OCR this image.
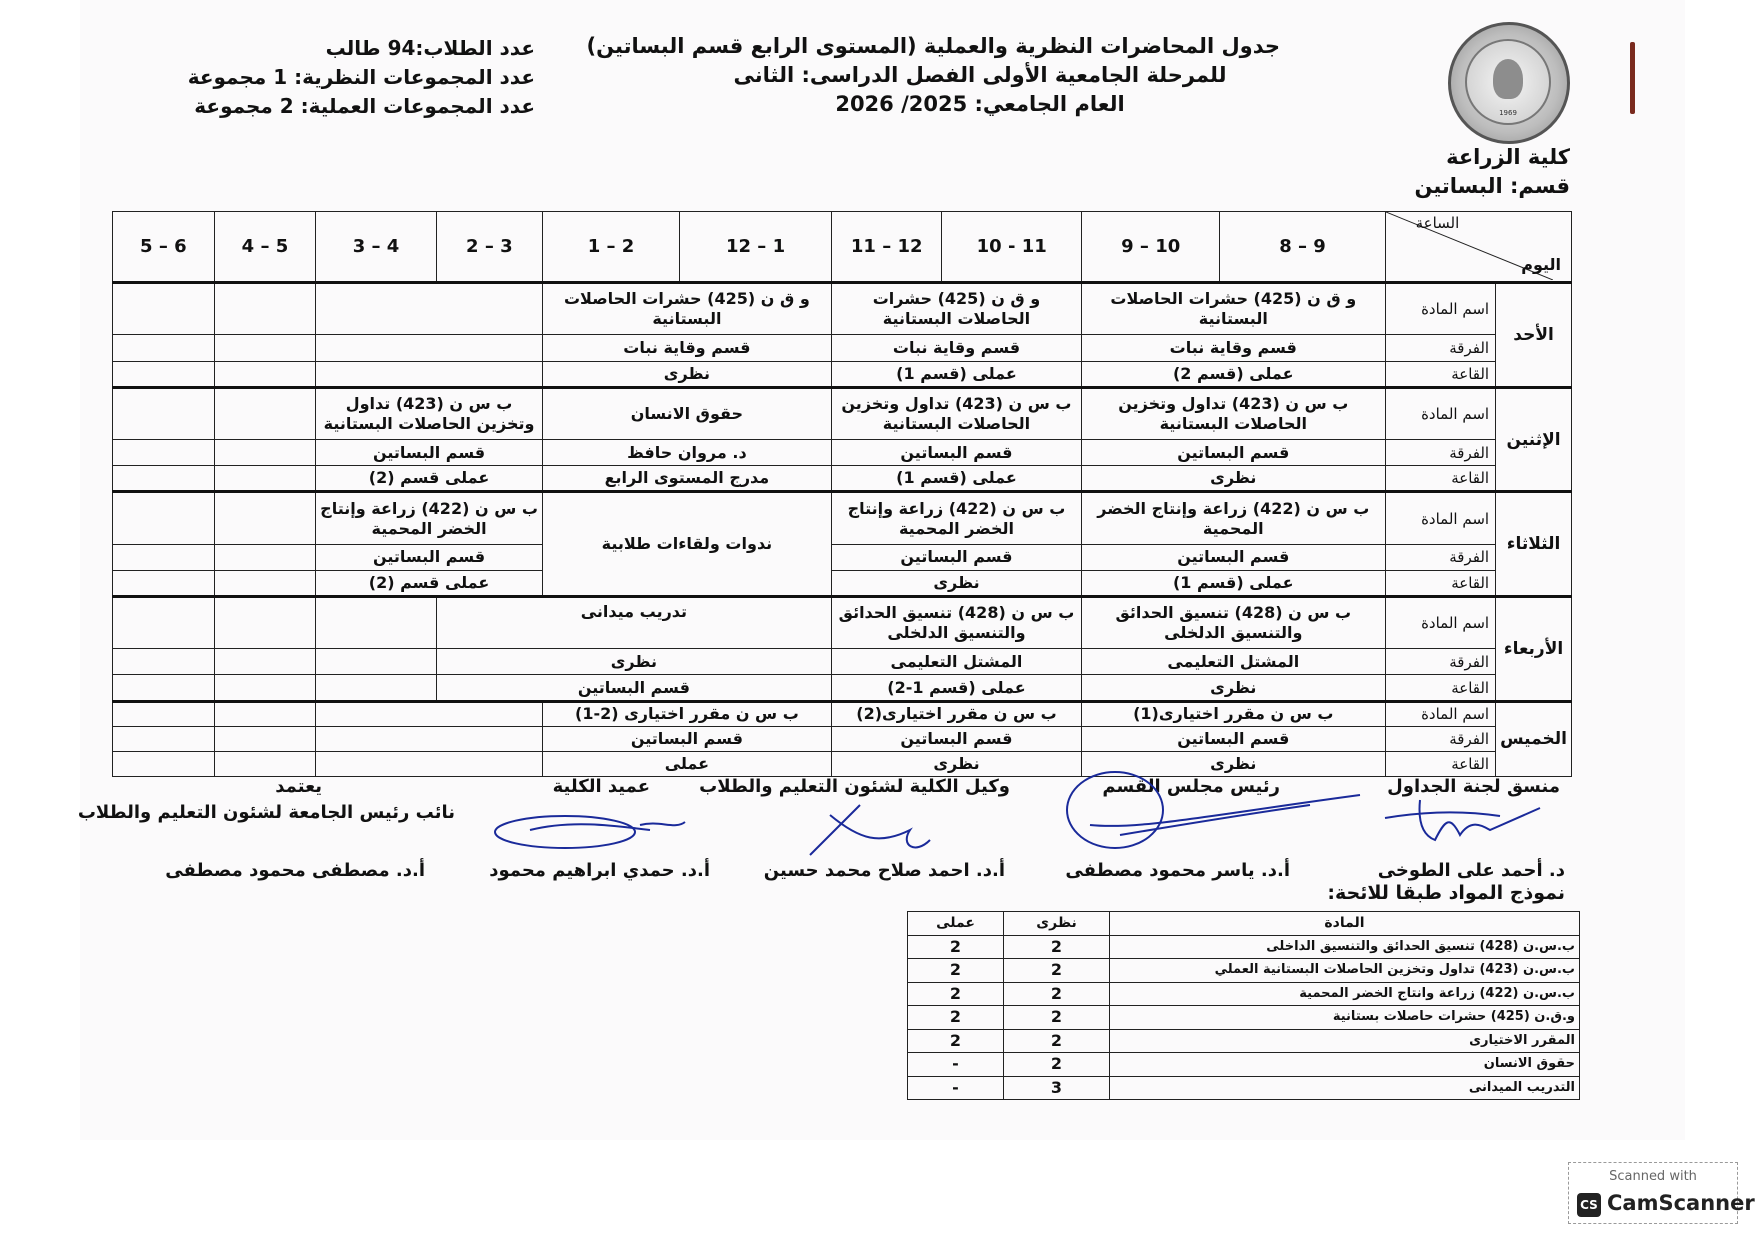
1969
جدول المحاضرات النظرية والعملية (المستوى الرابع قسم البساتين)
للمرحلة الجامعية الأولى الفصل الدراسى: الثانى
العام الجامعي: 2025/ 2026
عدد الطلاب:94 طالب
عدد المجموعات النظرية: 1 مجموعة
عدد المجموعات العملية: 2 مجموعة
كلية الزراعة
قسم: البساتين
الساعة
اليوم		9 – 8	10 – 9	11 - 10	12 – 11	1 – 12	2 – 1	3 – 2	4 – 3	5 – 4	6 – 5
الأحد	اسم المادة	و ق ن (425) حشرات الحاصلات البستانية		و ق ن (425) حشرات الحاصلات البستانية		و ق ن (425) حشرات الحاصلات البستانية					
	الفرقة	قسم وقاية نبات		قسم وقاية نبات		قسم وقاية نبات					
	القاعة	عملى (قسم 2)		عملى (قسم 1)		نظرى					
الإثنين	اسم المادة	ب س ن (423) تداول وتخزين الحاصلات البستانية		ب س ن (423) تداول وتخزين الحاصلات البستانية		حقوق الانسان		ب س ن (423) تداول وتخزين الحاصلات البستانية			
	الفرقة	قسم البساتين		قسم البساتين		د. مروان حافظ		قسم البساتين			
	القاعة	نظرى		عملى (قسم 1)		مدرج المستوى الرابع		عملى قسم (2)			
الثلاثاء	اسم المادة	ب س ن (422) زراعة وإنتاج الخضر المحمية		ب س ن (422) زراعة وإنتاج الخضر المحمية		ندوات ولقاءات طلابية		ب س ن (422) زراعة وإنتاج الخضر المحمية			
	الفرقة	قسم البساتين		قسم البساتين				قسم البساتين			
	القاعة	عملى (قسم 1)		نظرى				عملى قسم (2)			
الأربعاء	اسم المادة	ب س ن (428) تنسيق الحدائق والتنسيق الدلخلى		ب س ن (428) تنسيق الحدائق والتنسيق الدلخلى		تدريب ميدانى					
	الفرقة	المشتل التعليمى		المشتل التعليمى		نظرى					
	القاعة	نظرى		عملى (قسم 1-2)		قسم البساتين					
الخميس	اسم المادة	ب س ن مقرر اختيارى(1)		ب س ن مقرر اختيارى(2)		ب س ن مقرر اختيارى (2-1)					
	الفرقة	قسم البساتين		قسم البساتين		قسم البساتين					
	القاعة	نظرى		نظرى		عملى					
منسق لجنة الجداول
رئيس مجلس القسم
وكيل الكلية لشئون التعليم والطلاب
عميد الكلية
يعتمد
نائب رئيس الجامعة لشئون التعليم والطلاب
د. أحمد على الطوخى
أ.د. ياسر محمود مصطفى
أ.د. احمد صلاح محمد حسين
أ.د. حمدي ابراهيم محمود
أ.د. مصطفى محمود مصطفى
نموذج المواد طبقا للائحة:
المادة	نظرى	عملى
ب.س.ن (428) تنسيق الحدائق والتنسيق الداخلى	2	2
ب.س.ن (423) تداول وتخزين الحاصلات البستانية العملي	2	2
ب.س.ن (422) زراعة وانتاج الخضر المحمية	2	2
و.ق.ن (425) حشرات حاصلات بستانية	2	2
المقرر الاختيارى	2	2
حقوق الانسان	2	-
التدريب الميدانى	3	-
Scanned with
CS CamScanner
